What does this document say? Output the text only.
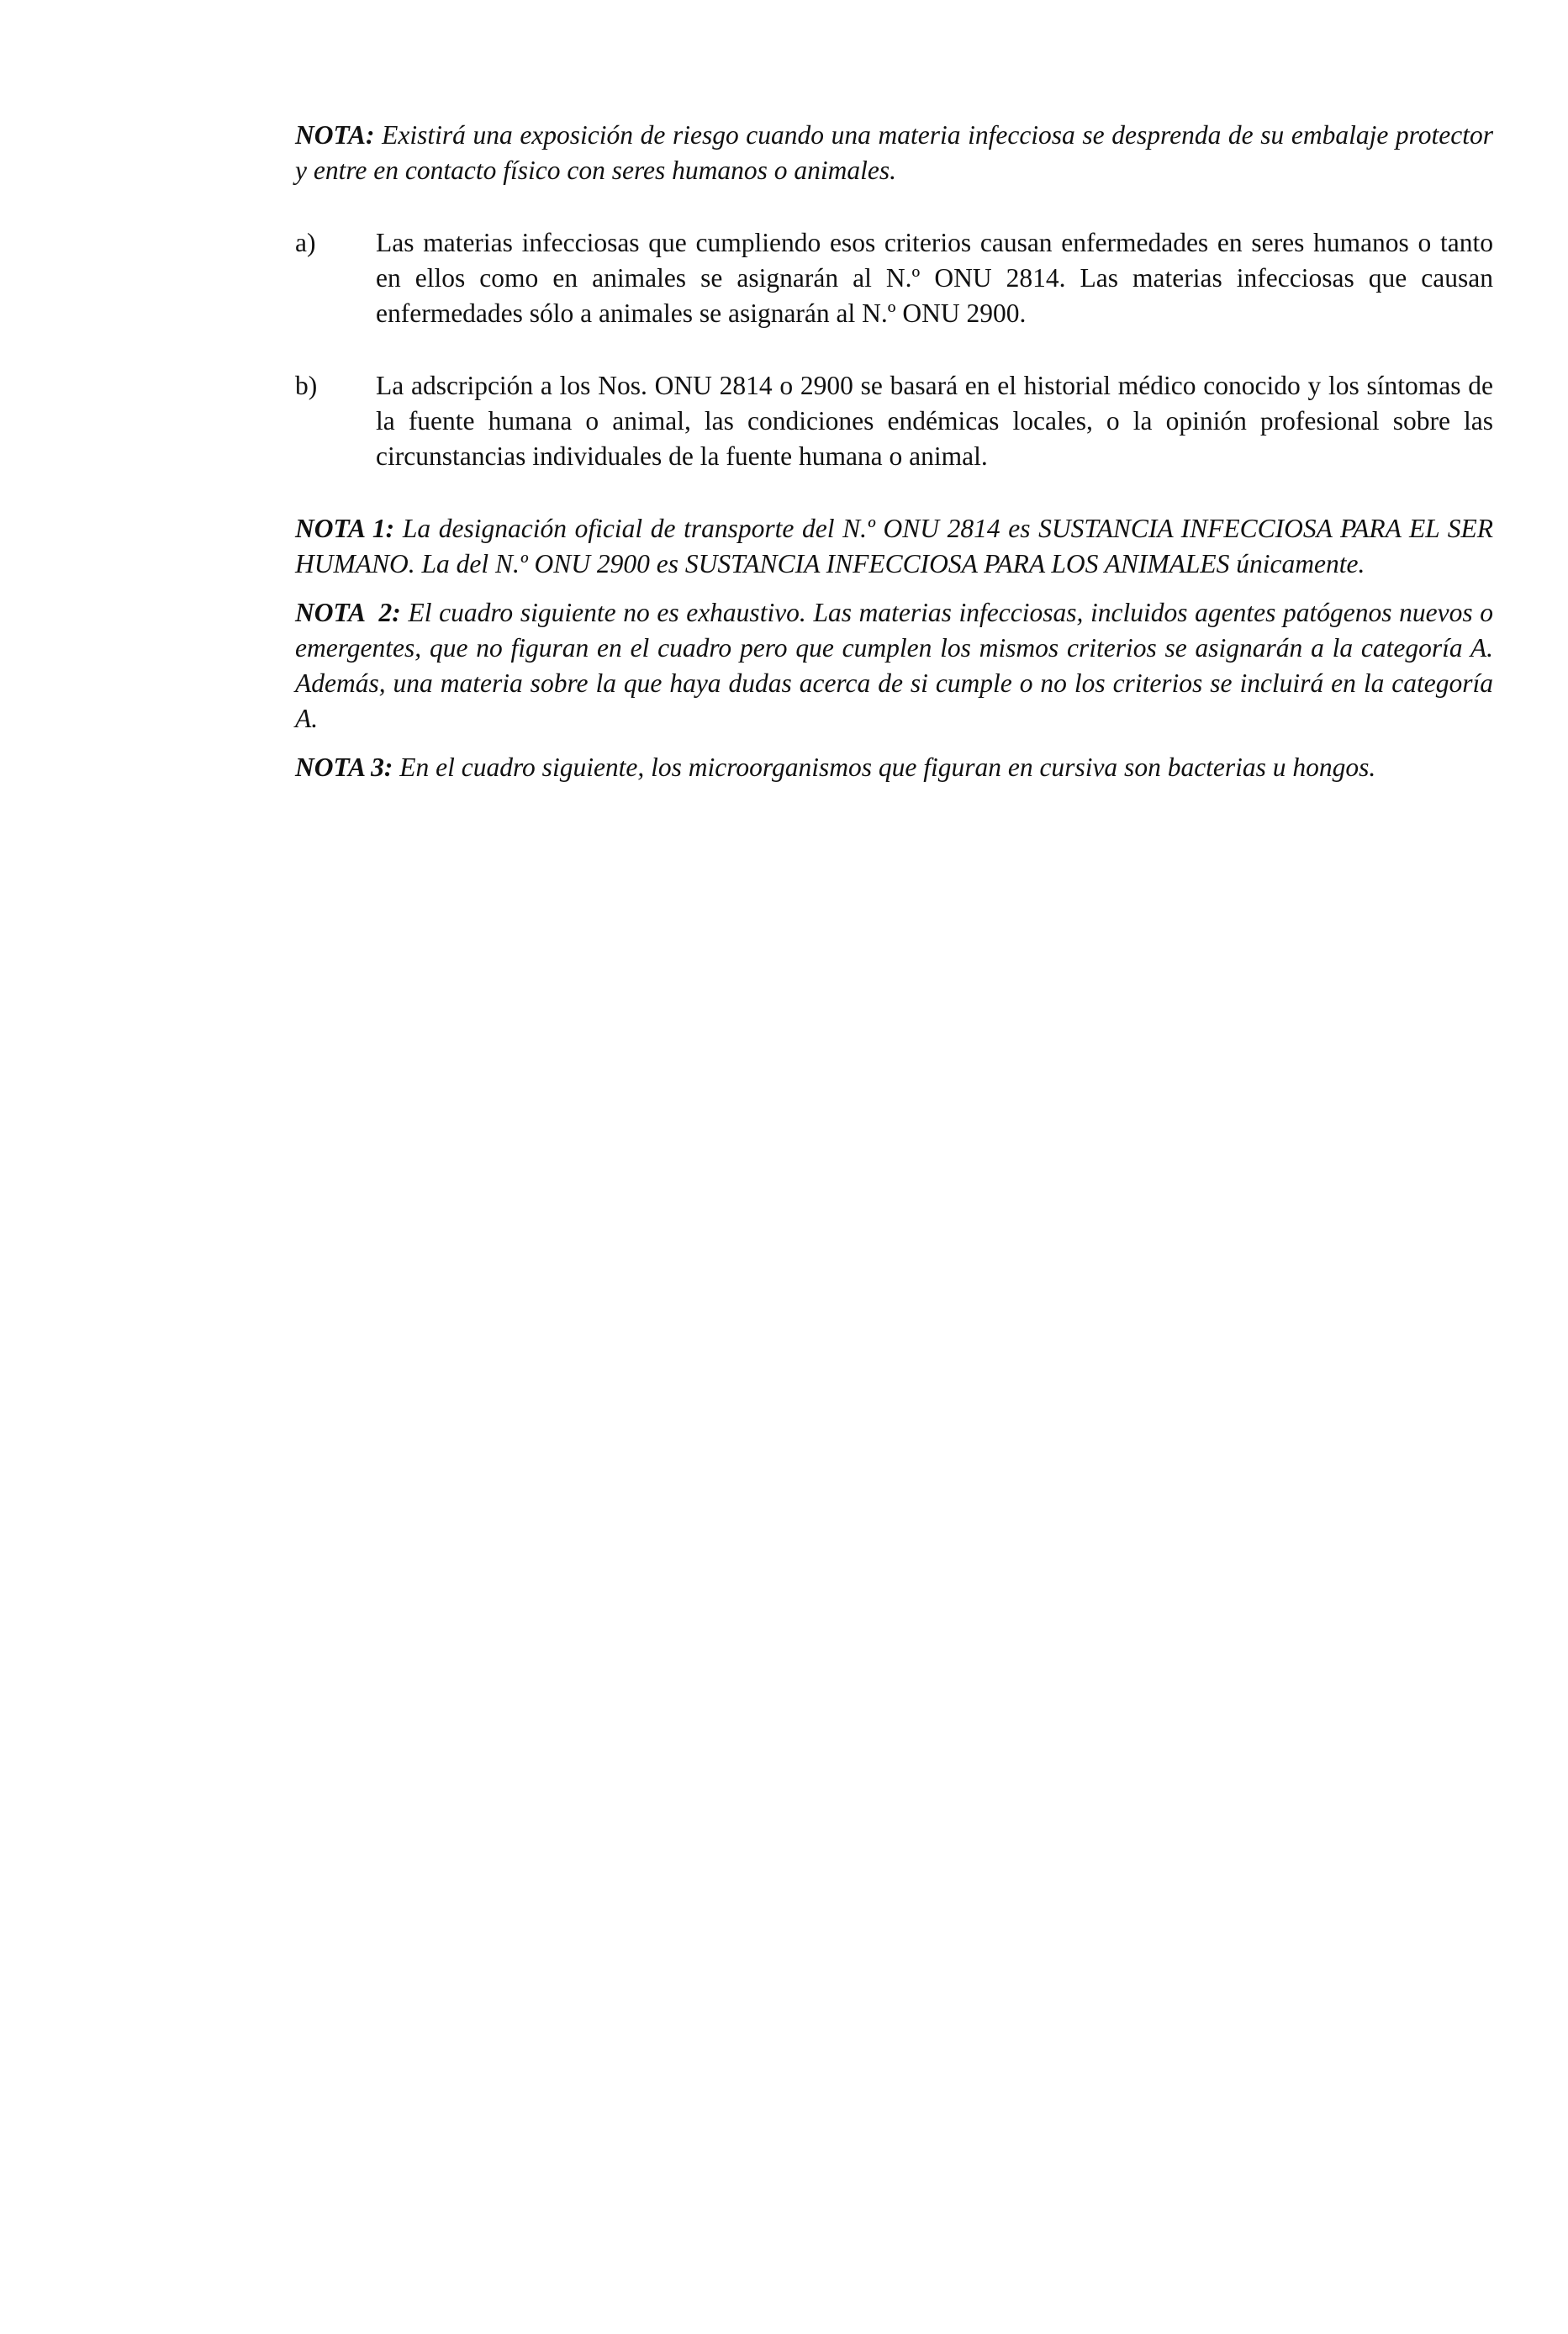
NOTA: Existirá una exposición de riesgo cuando una materia infecciosa se desprenda de su embalaje protector y entre en contacto físico con seres humanos o animales.

a)	Las materias infecciosas que cumpliendo esos criterios causan enfermedades en seres humanos o tanto en ellos como en animales se asignarán al N.º ONU 2814. Las materias infecciosas que causan enfermedades sólo a animales se asignarán al N.º ONU 2900.
b)	La adscripción a los Nos. ONU 2814 o 2900 se basará en el historial médico conocido y los síntomas de la fuente humana o animal, las condiciones endémicas locales, o la opinión profesional sobre las circunstancias individuales de la fuente humana o animal.

NOTA 1: La designación oficial de transporte del N.º ONU 2814 es SUSTANCIA INFECCIOSA PARA EL SER HUMANO. La del N.º ONU 2900 es SUSTANCIA INFECCIOSA PARA LOS ANIMALES únicamente.

NOTA  2: El cuadro siguiente no es exhaustivo. Las materias infecciosas, incluidos agentes patógenos nuevos o emergentes, que no figuran en el cuadro pero que cumplen los mismos criterios se asignarán a la categoría A. Además, una materia sobre la que haya dudas acerca de si cumple o no los criterios se incluirá en la categoría A.

NOTA 3: En el cuadro siguiente, los microorganismos que figuran en cursiva son bacterias u hongos.
